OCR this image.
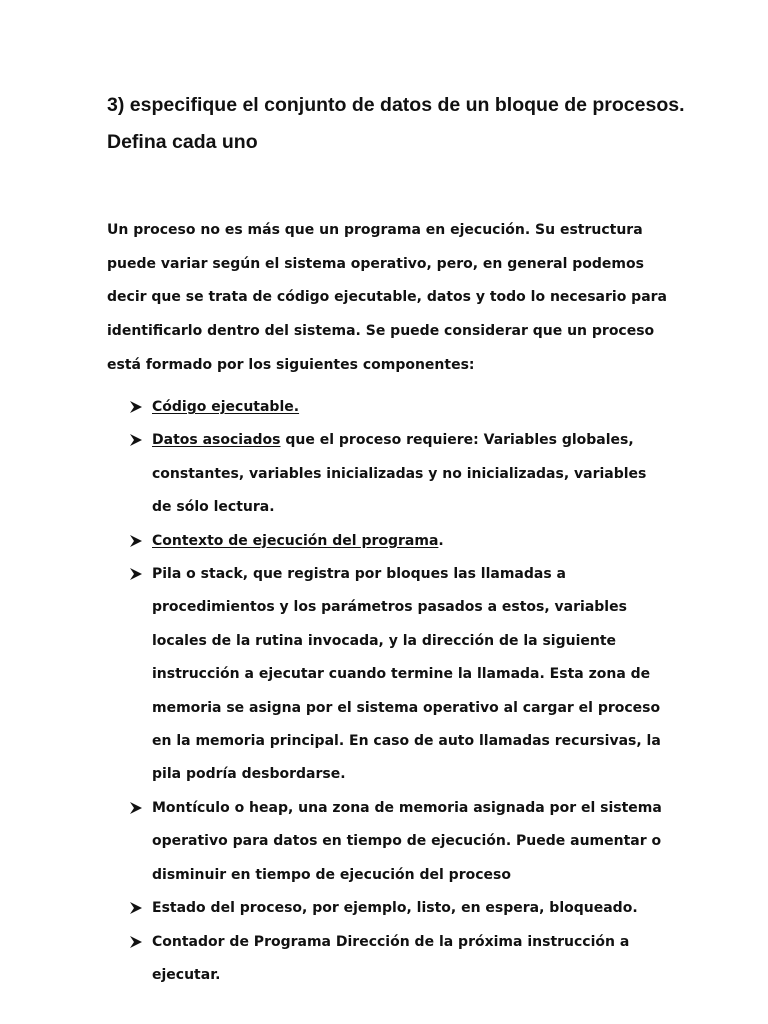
3) especifique el conjunto de datos de un bloque de procesos. Defina cada uno

Un proceso no es más que un programa en ejecución. Su estructura puede variar según el sistema operativo, pero, en general podemos decir que se trata de código ejecutable, datos y todo lo necesario para identificarlo dentro del sistema. Se puede considerar que un proceso está formado por los siguientes componentes:

Código ejecutable.
Datos asociados que el proceso requiere: Variables globales, constantes, variables inicializadas y no inicializadas, variables de sólo lectura.
Contexto de ejecución del programa.
Pila o stack, que registra por bloques las llamadas a procedimientos y los parámetros pasados a estos, variables locales de la rutina invocada, y la dirección de la siguiente instrucción a ejecutar cuando termine la llamada. Esta zona de memoria se asigna por el sistema operativo al cargar el proceso en la memoria principal. En caso de auto llamadas recursivas, la pila podría desbordarse.
Montículo o heap, una zona de memoria asignada por el sistema operativo para datos en tiempo de ejecución. Puede aumentar o disminuir en tiempo de ejecución del proceso
Estado del proceso, por ejemplo, listo, en espera, bloqueado.
Contador de Programa Dirección de la próxima instrucción a ejecutar.
